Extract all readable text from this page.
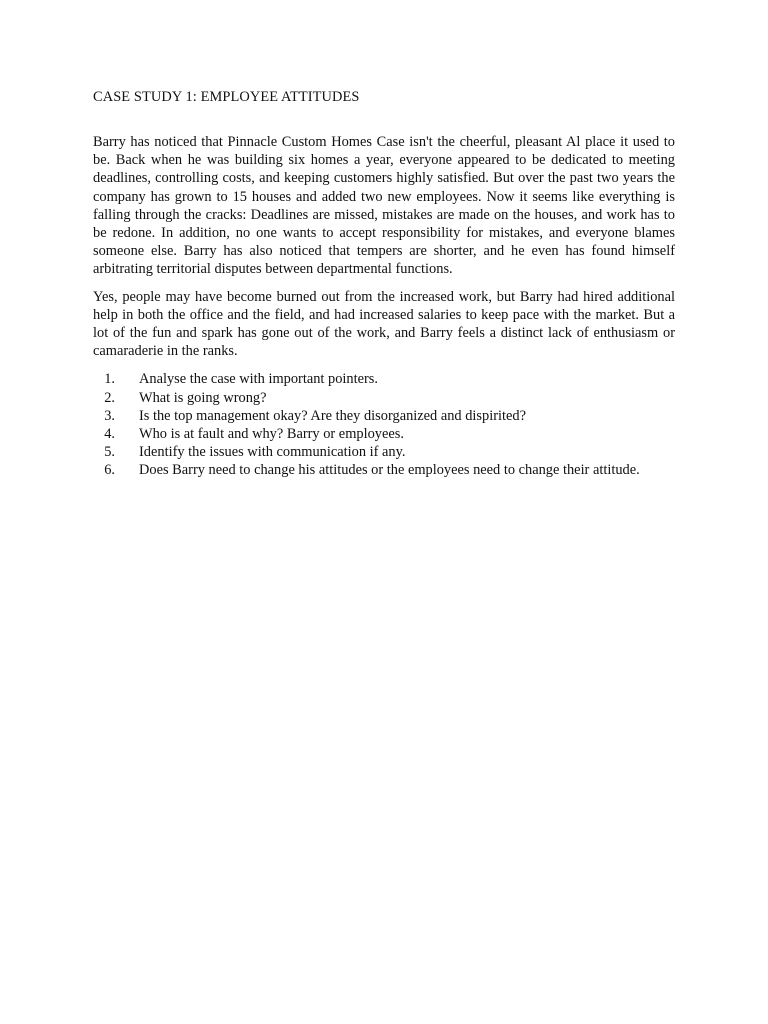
CASE STUDY 1: EMPLOYEE ATTITUDES

Barry has noticed that Pinnacle Custom Homes Case isn't the cheerful, pleasant Al place it used to be. Back when he was building six homes a year, everyone appeared to be dedicated to meeting deadlines, controlling costs, and keeping customers highly satisfied. But over the past two years the company has grown to 15 houses and added two new employees. Now it seems like everything is falling through the cracks: Deadlines are missed, mistakes are made on the houses, and work has to be redone. In addition, no one wants to accept responsibility for mistakes, and everyone blames someone else. Barry has also noticed that tempers are shorter, and he even has found himself arbitrating territorial disputes between departmental functions.

Yes, people may have become burned out from the increased work, but Barry had hired additional help in both the office and the field, and had increased salaries to keep pace with the market. But a lot of the fun and spark has gone out of the work, and Barry feels a distinct lack of enthusiasm or camaraderie in the ranks.

1. Analyse the case with important pointers.
2. What is going wrong?
3. Is the top management okay? Are they disorganized and dispirited?
4. Who is at fault and why? Barry or employees.
5. Identify the issues with communication if any.
6. Does Barry need to change his attitudes or the employees need to change their attitude.
